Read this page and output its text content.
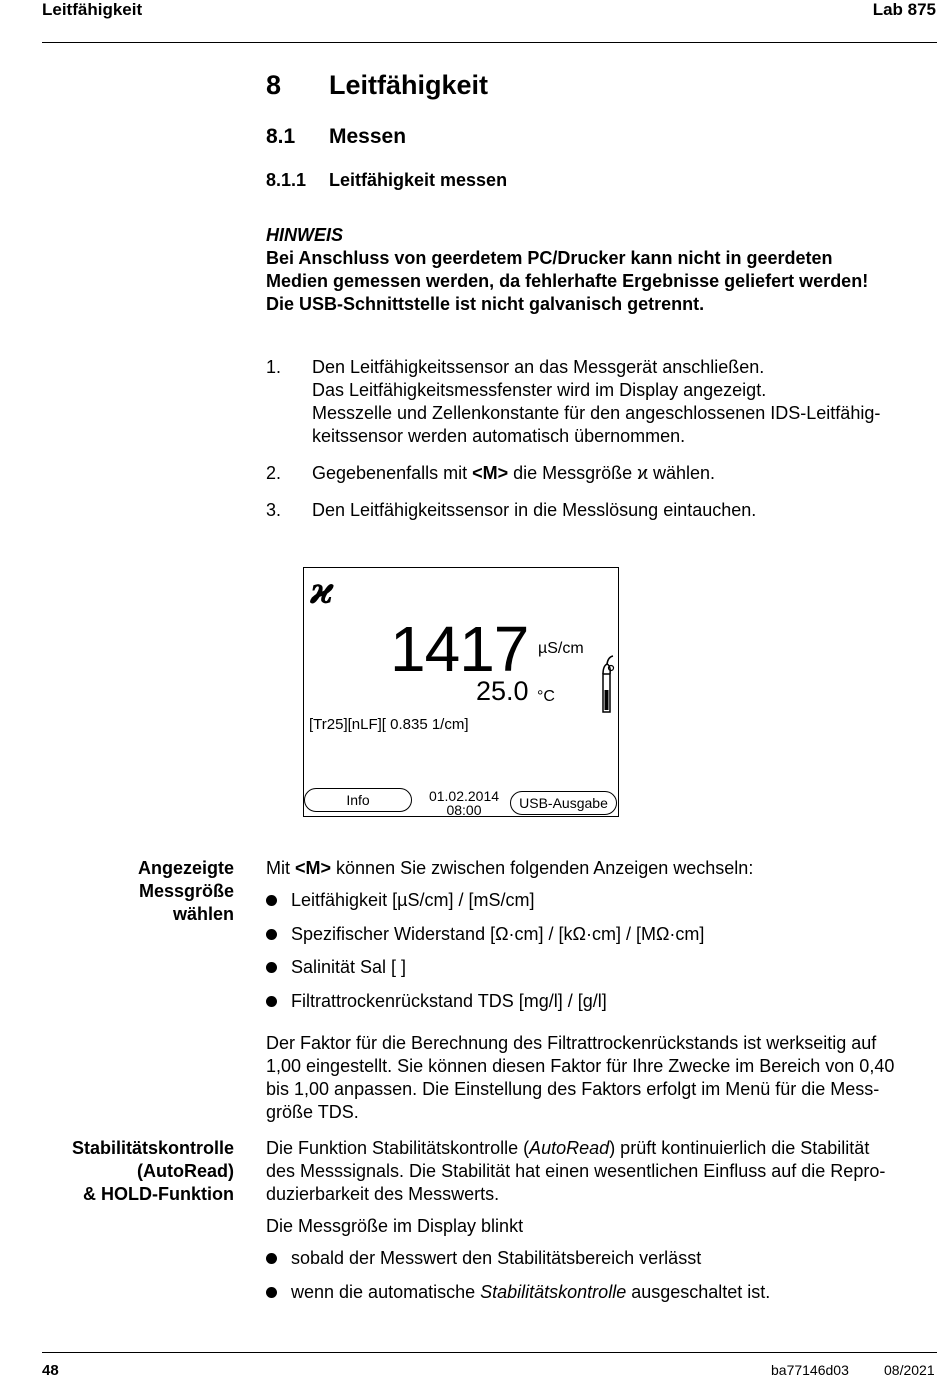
Leitfähigkeit	Lab 875
8 Leitfähigkeit
8.1 Messen
8.1.1 Leitfähigkeit messen
HINWEIS
Bei Anschluss von geerdetem PC/Drucker kann nicht in geerdeten
Medien gemessen werden, da fehlerhafte Ergebnisse geliefert werden!
Die USB-Schnittstelle ist nicht galvanisch getrennt.
1. Den Leitfähigkeitssensor an das Messgerät anschließen.
Das Leitfähigkeitsmessfenster wird im Display angezeigt.
Messzelle und Zellenkonstante für den angeschlossenen IDS-Leitfähig-
keitssensor werden automatisch übernommen.
2. Gegebenenfalls mit <M> die Messgröße ϰ wählen.
3. Den Leitfähigkeitssensor in die Messlösung eintauchen.
ϰ
1417 µS/cm
25.0 °C
[Tr25][nLF][ 0.835 1/cm]
Info	01.02.2014
08:00	USB-Ausgabe
Angezeigte
Messgröße
wählen
Mit <M> können Sie zwischen folgenden Anzeigen wechseln:
Leitfähigkeit [µS/cm] / [mS/cm]
Spezifischer Widerstand [Ω·cm] / [kΩ·cm] / [MΩ·cm]
Salinität Sal [ ]
Filtrattrockenrückstand TDS [mg/l] / [g/l]
Der Faktor für die Berechnung des Filtrattrockenrückstands ist werkseitig auf
1,00 eingestellt. Sie können diesen Faktor für Ihre Zwecke im Bereich von 0,40
bis 1,00 anpassen. Die Einstellung des Faktors erfolgt im Menü für die Mess-
größe TDS.
Stabilitätskontrolle
(AutoRead)
& HOLD-Funktion
Die Funktion Stabilitätskontrolle (AutoRead) prüft kontinuierlich die Stabilität
des Messsignals. Die Stabilität hat einen wesentlichen Einfluss auf die Repro-
duzierbarkeit des Messwerts.
Die Messgröße im Display blinkt
sobald der Messwert den Stabilitätsbereich verlässt
wenn die automatische Stabilitätskontrolle ausgeschaltet ist.
48	ba77146d03	08/2021
